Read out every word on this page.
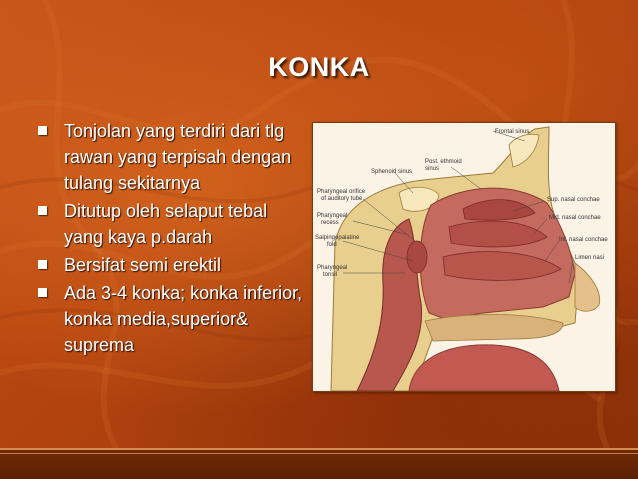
KONKA
Tonjolan yang terdiri dari tlg rawan yang terpisah dengan tulang sekitarnya
Ditutup oleh selaput tebal yang kaya p.darah
Bersifat semi erektil
Ada 3-4 konka; konka inferior, konka media,superior& suprema
Frontal sinus
Post. ethmoid
sinus
Sphenoid sinus
Pharyngeal orifice
of auditory tube
Pharyngeal
recess
Salpingopalatine
fold
Pharyngeal
tonsil
Sup. nasal conchae
Mid. nasal conchae
Inf. nasal conchae
Limen nasi
